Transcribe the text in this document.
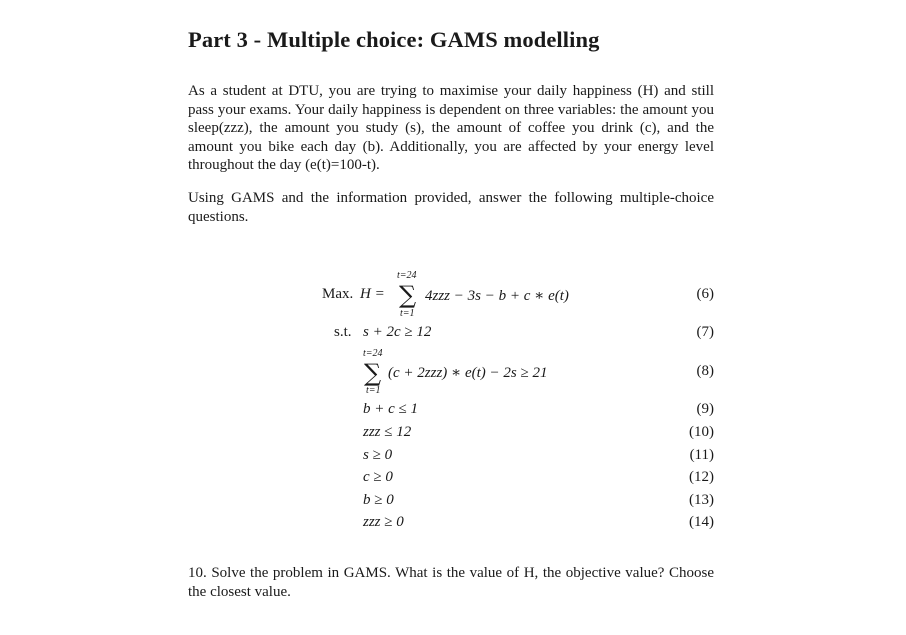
Part 3 - Multiple choice: GAMS modelling
As a student at DTU, you are trying to maximise your daily happiness (H) and still pass your exams. Your daily happiness is dependent on three variables: the amount you sleep(zzz), the amount you study (s), the amount of coffee you drink (c), and the amount you bike each day (b). Additionally, you are affected by your energy level throughout the day (e(t)=100-t).
Using GAMS and the information provided, answer the following multiple-choice questions.
Max. H =
t=24
∑
t=1
4zzz − 3s − b + c ∗ e(t)	(6)
s.t. s + 2c ≥ 12	(7)
t=24
∑
t=1
(c + 2zzz) ∗ e(t) − 2s ≥ 21	(8)
b + c ≤ 1	(9)
zzz ≤ 12	(10)
s ≥ 0	(11)
c ≥ 0	(12)
b ≥ 0	(13)
zzz ≥ 0	(14)
10. Solve the problem in GAMS. What is the value of H, the objective value? Choose the closest value.
